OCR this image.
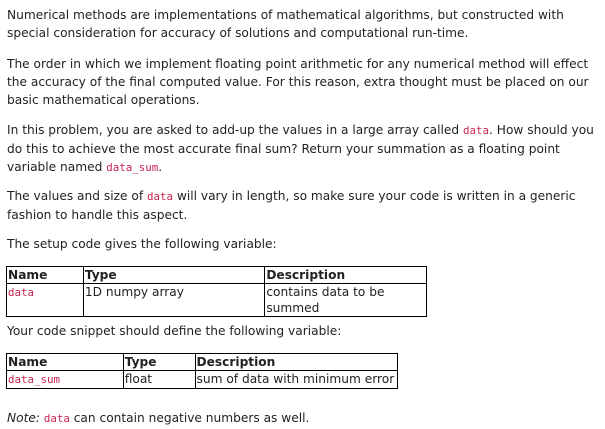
Numerical methods are implementations of mathematical algorithms, but constructed with special consideration for accuracy of solutions and computational run-time.

The order in which we implement floating point arithmetic for any numerical method will effect the accuracy of the final computed value. For this reason, extra thought must be placed on our basic mathematical operations.

In this problem, you are asked to add-up the values in a large array called data. How should you do this to achieve the most accurate final sum? Return your summation as a floating point variable named data_sum.

The values and size of data will vary in length, so make sure your code is written in a generic fashion to handle this aspect.

The setup code gives the following variable:

Name	Type	Description
data	1D numpy array	contains data to be summed

Your code snippet should define the following variable:

Name	Type	Description
data_sum	float	sum of data with minimum error

Note: data can contain negative numbers as well.
